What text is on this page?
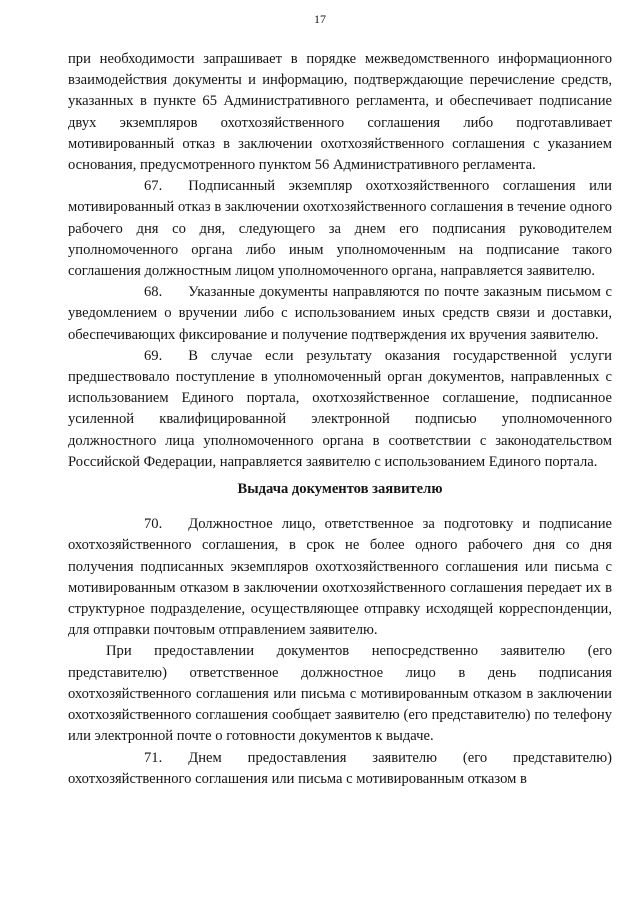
17

при необходимости запрашивает в порядке межведомственного информационного взаимодействия документы и информацию, подтверждающие перечисление средств, указанных в пункте 65 Административного регламента, и обеспечивает подписание двух экземпляров охотхозяйственного соглашения либо подготавливает мотивированный отказ в заключении охотхозяйственного соглашения с указанием основания, предусмотренного пунктом 56 Административного регламента.

67. Подписанный экземпляр охотхозяйственного соглашения или мотивированный отказ в заключении охотхозяйственного соглашения в течение одного рабочего дня со дня, следующего за днем его подписания руководителем уполномоченного органа либо иным уполномоченным на подписание такого соглашения должностным лицом уполномоченного органа, направляется заявителю.

68. Указанные документы направляются по почте заказным письмом с уведомлением о вручении либо с использованием иных средств связи и доставки, обеспечивающих фиксирование и получение подтверждения их вручения заявителю.

69. В случае если результату оказания государственной услуги предшествовало поступление в уполномоченный орган документов, направленных с использованием Единого портала, охотхозяйственное соглашение, подписанное усиленной квалифицированной электронной подписью уполномоченного должностного лица уполномоченного органа в соответствии с законодательством Российской Федерации, направляется заявителю с использованием Единого портала.

Выдача документов заявителю

70. Должностное лицо, ответственное за подготовку и подписание охотхозяйственного соглашения, в срок не более одного рабочего дня со дня получения подписанных экземпляров охотхозяйственного соглашения или письма с мотивированным отказом в заключении охотхозяйственного соглашения передает их в структурное подразделение, осуществляющее отправку исходящей корреспонденции, для отправки почтовым отправлением заявителю.

При предоставлении документов непосредственно заявителю (его представителю) ответственное должностное лицо в день подписания охотхозяйственного соглашения или письма с мотивированным отказом в заключении охотхозяйственного соглашения сообщает заявителю (его представителю) по телефону или электронной почте о готовности документов к выдаче.

71. Днем предоставления заявителю (его представителю) охотхозяйственного соглашения или письма с мотивированным отказом в
